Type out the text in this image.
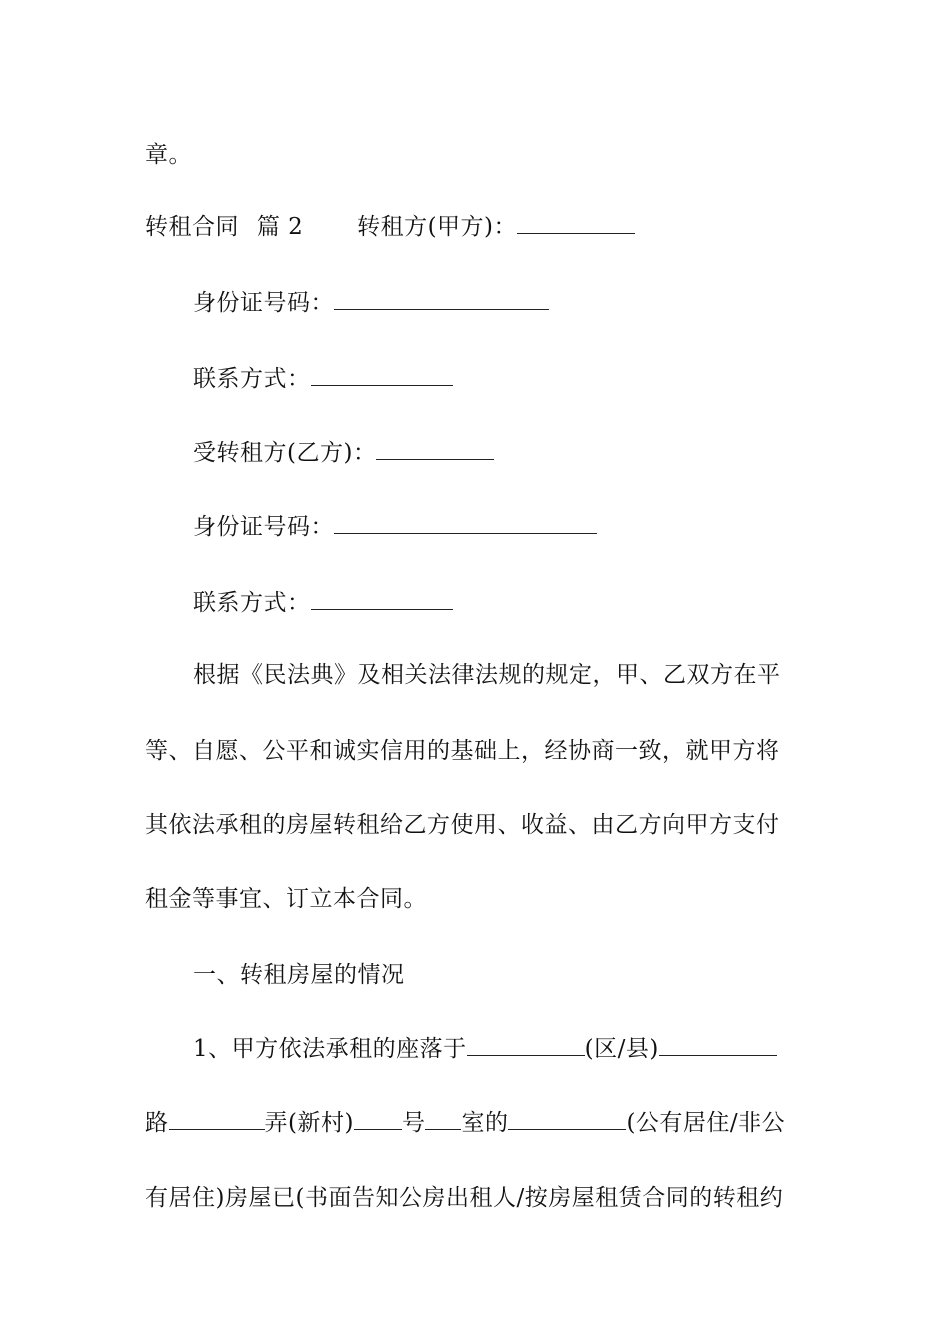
章。
转租合同 篇 2 转租方(甲方)：
身份证号码：
联系方式：
受转租方(乙方)：
身份证号码：
联系方式：
根据《民法典》及相关法律法规的规定，甲、乙双方在平
等、自愿、公平和诚实信用的基础上，经协商一致，就甲方将
其依法承租的房屋转租给乙方使用、收益、由乙方向甲方支付
租金等事宜、订立本合同。
一、转租房屋的情况
1、甲方依法承租的座落于	(区/县)
路	弄(新村) 号 室的	(公有居住/非公
有居住)房屋已(书面告知公房出租人/按房屋租赁合同的转租约
